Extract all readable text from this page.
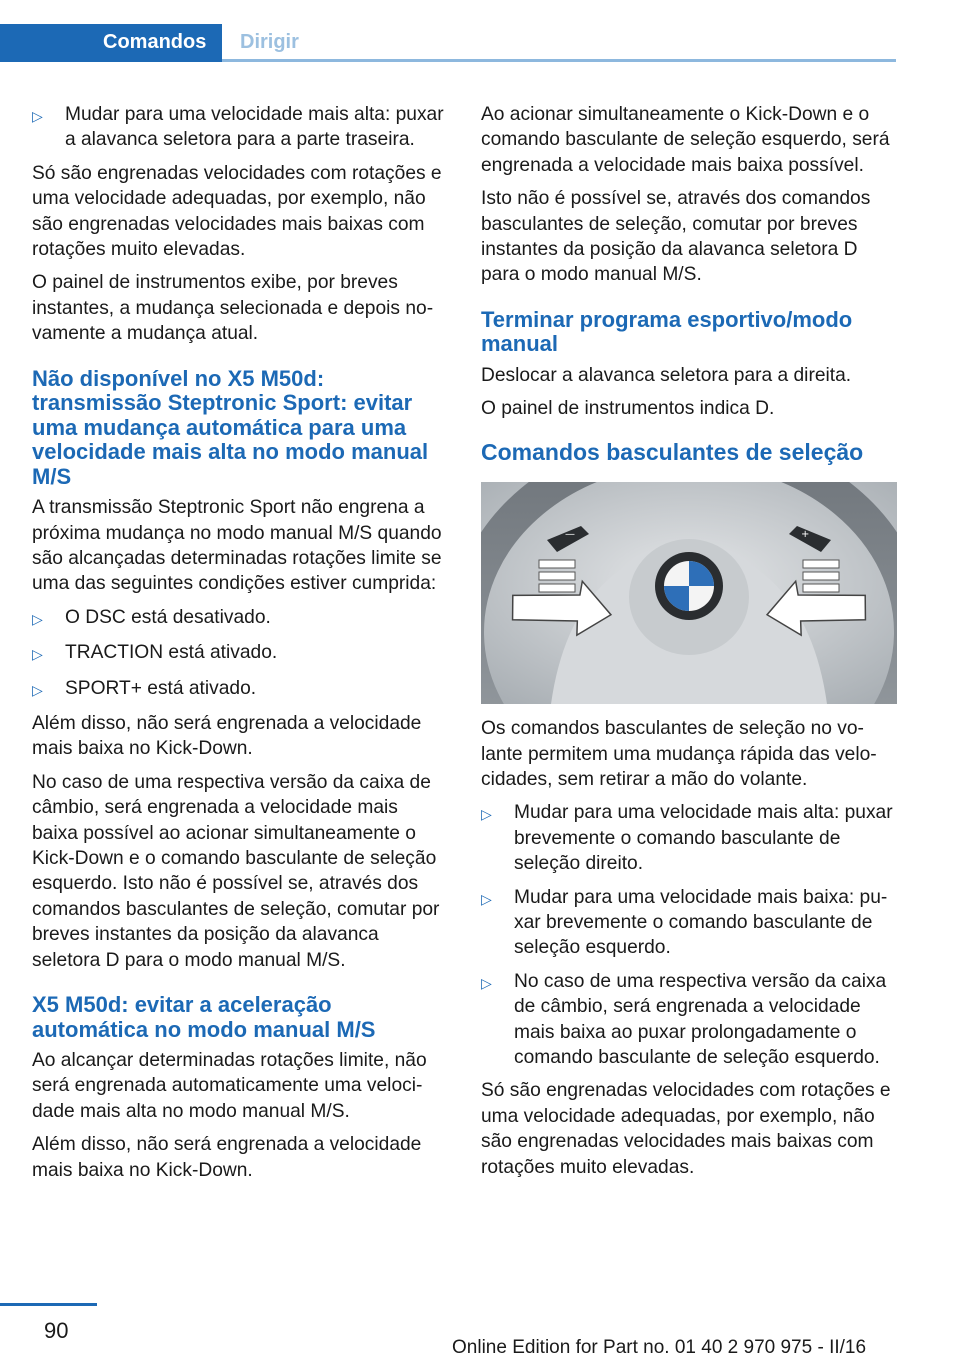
Comandos Dirigir
▷	Mudar para uma velocidade mais alta: puxar a alavanca seletora para a parte traseira.

Só são engrenadas velocidades com rotações e uma velocidade adequadas, por exemplo, não são engrenadas velocidades mais baixas com rotações muito elevadas.

O painel de instrumentos exibe, por breves instantes, a mudança selecionada e depois novamente a mudança atual.

Não disponível no X5 M50d: transmissão Steptronic Sport: evitar uma mudança automática para uma velocidade mais alta no modo manual M/S

A transmissão Steptronic Sport não engrena a próxima mudança no modo manual M/S quando são alcançadas determinadas rotações limite se uma das seguintes condições estiver cumprida:

▷	O DSC está desativado.
▷	TRACTION está ativado.
▷	SPORT+ está ativado.

Além disso, não será engrenada a velocidade mais baixa no Kick-Down.

No caso de uma respectiva versão da caixa de câmbio, será engrenada a velocidade mais baixa possível ao acionar simultaneamente o Kick-Down e o comando basculante de seleção esquerdo. Isto não é possível se, através dos comandos basculantes de seleção, comutar por breves instantes da posição da alavanca seletora D para o modo manual M/S.

X5 M50d: evitar a aceleração automática no modo manual M/S

Ao alcançar determinadas rotações limite, não será engrenada automaticamente uma velocidade mais alta no modo manual M/S.

Além disso, não será engrenada a velocidade mais baixa no Kick-Down.

Ao acionar simultaneamente o Kick-Down e o comando basculante de seleção esquerdo, será engrenada a velocidade mais baixa possível.

Isto não é possível se, através dos comandos basculantes de seleção, comutar por breves instantes da posição da alavanca seletora D para o modo manual M/S.

Terminar programa esportivo/modo manual

Deslocar a alavanca seletora para a direita.

O painel de instrumentos indica D.

Comandos basculantes de seleção
—	+

Os comandos basculantes de seleção no volante permitem uma mudança rápida das velocidades, sem retirar a mão do volante.

▷	Mudar para uma velocidade mais alta: puxar brevemente o comando basculante de seleção direito.
▷	Mudar para uma velocidade mais baixa: puxar brevemente o comando basculante de seleção esquerdo.
▷	No caso de uma respectiva versão da caixa de câmbio, será engrenada a velocidade mais baixa ao puxar prolongadamente o comando basculante de seleção esquerdo.

Só são engrenadas velocidades com rotações e uma velocidade adequadas, por exemplo, não são engrenadas velocidades mais baixas com rotações muito elevadas.

90
Online Edition for Part no. 01 40 2 970 975 - II/16
